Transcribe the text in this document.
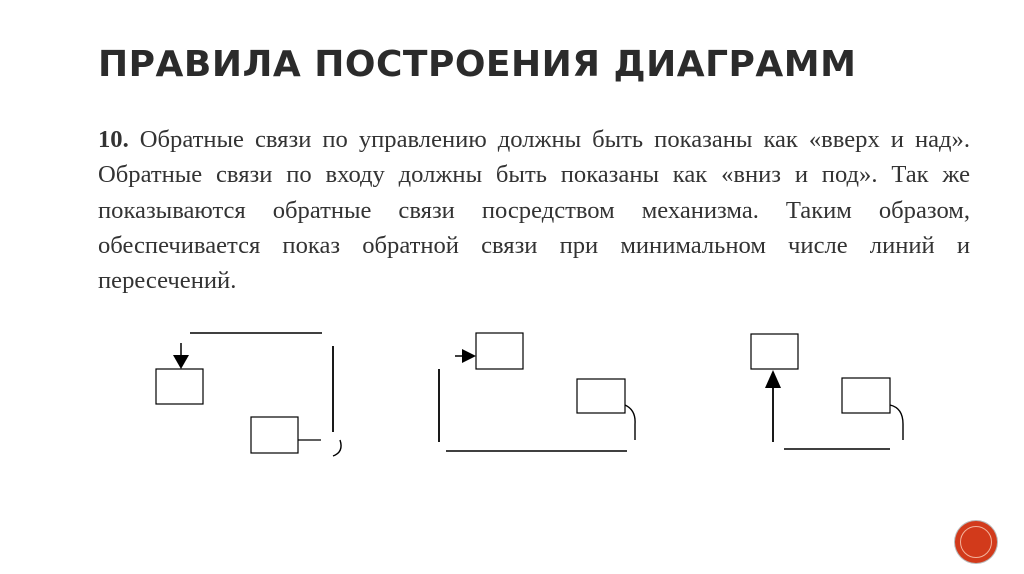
ПРАВИЛА ПОСТРОЕНИЯ ДИАГРАММ
10. Обратные связи по управлению должны быть показаны как «вверх и над». Обратные связи по входу должны быть показаны как «вниз и под». Так же показываются обратные связи посредством механизма. Таким образом, обеспечивается показ обратной связи при минимальном числе линий и пересечений.
